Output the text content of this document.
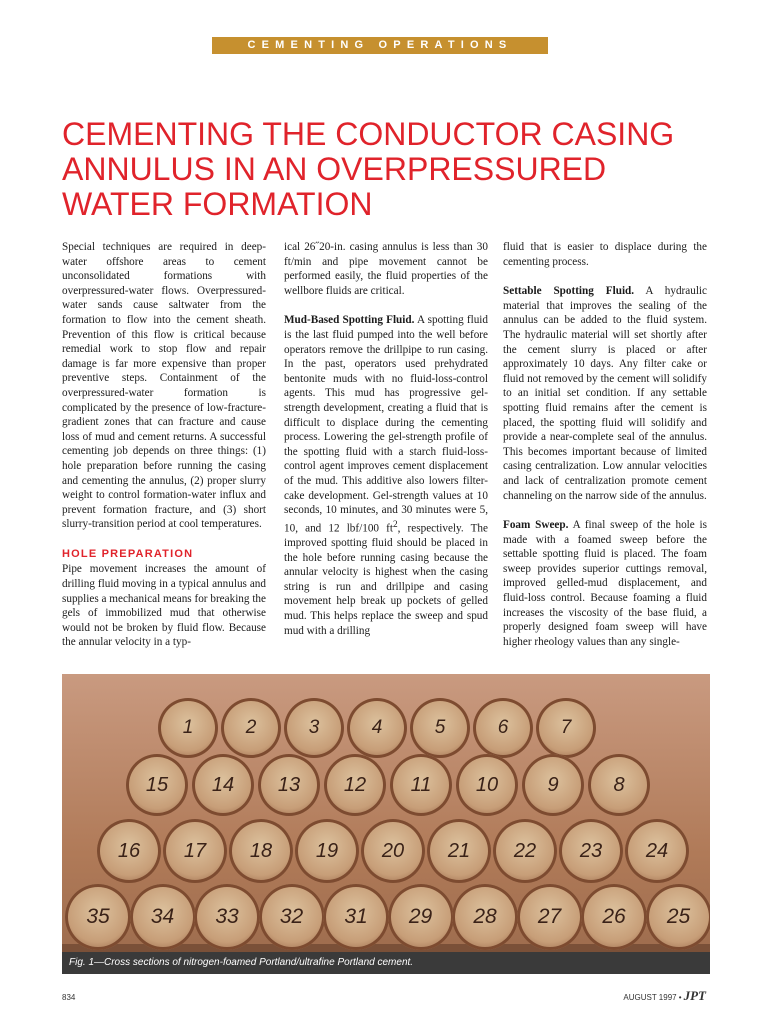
CEMENTING OPERATIONS
CEMENTING THE CONDUCTOR CASING
ANNULUS IN AN OVERPRESSURED
WATER FORMATION

Special techniques are required in deep-water offshore areas to cement unconsolidated formations with overpressured-water flows. Overpressured-water sands cause saltwater from the formation to flow into the cement sheath. Prevention of this flow is critical because remedial work to stop flow and repair damage is far more expensive than proper preventive steps. Containment of the overpressured-water formation is complicated by the presence of low-fracture-gradient zones that can fracture and cause loss of mud and cement returns. A successful cementing job depends on three things: (1) hole preparation before running the casing and cementing the annulus, (2) proper slurry weight to control formation-water influx and prevent formation fracture, and (3) short slurry-transition period at cool temperatures.

HOLE PREPARATION

Pipe movement increases the amount of drilling fluid moving in a typical annulus and supplies a mechanical means for breaking the gels of immobilized mud that otherwise would not be broken by fluid flow. Because the annular velocity in a typ-

ical 26˝20-in. casing annulus is less than 30 ft/min and pipe movement cannot be performed easily, the fluid properties of the wellbore fluids are critical.

Mud-Based Spotting Fluid. A spotting fluid is the last fluid pumped into the well before operators remove the drillpipe to run casing. In the past, operators used prehydrated bentonite muds with no fluid-loss-control agents. This mud has progressive gel-strength development, creating a fluid that is difficult to displace during the cementing process. Lowering the gel-strength profile of the spotting fluid with a starch fluid-loss-control agent improves cement displacement of the mud. This additive also lowers filter-cake development. Gel-strength values at 10 seconds, 10 minutes, and 30 minutes were 5, 10, and 12 lbf/100 $ft^2$, respectively. The improved spotting fluid should be placed in the hole before running casing because the annular velocity is highest when the casing string is run and drillpipe and casing movement help break up pockets of gelled mud. This helps replace the sweep and spud mud with a drilling

fluid that is easier to displace during the cementing process.

Settable Spotting Fluid. A hydraulic material that improves the sealing of the annulus can be added to the fluid system. The hydraulic material will set shortly after the cement slurry is placed or after approximately 10 days. Any filter cake or fluid not removed by the cement will solidify to an initial set condition. If any settable spotting fluid remains after the cement is placed, the spotting fluid will solidify and provide a near-complete seal of the annulus. This becomes important because of limited casing centralization. Low annular velocities and lack of centralization promote cement channeling on the narrow side of the annulus.

Foam Sweep. A final sweep of the hole is made with a foamed sweep before the settable spotting fluid is placed. The foam sweep provides superior cuttings removal, improved gelled-mud displacement, and fluid-loss control. Because foaming a fluid increases the viscosity of the base fluid, a properly designed foam sweep will have higher rheology values than any single-

1	2	3	4	5	6	7
15	14	13	12	11	10	9	8
16	17	18	19	20	21	22	23	24
35	34	33	32	31	29	28	27	26	25
Fig. 1—Cross sections of nitrogen-foamed Portland/ultrafine Portland cement.
834	AUGUST 1997 • JPT
